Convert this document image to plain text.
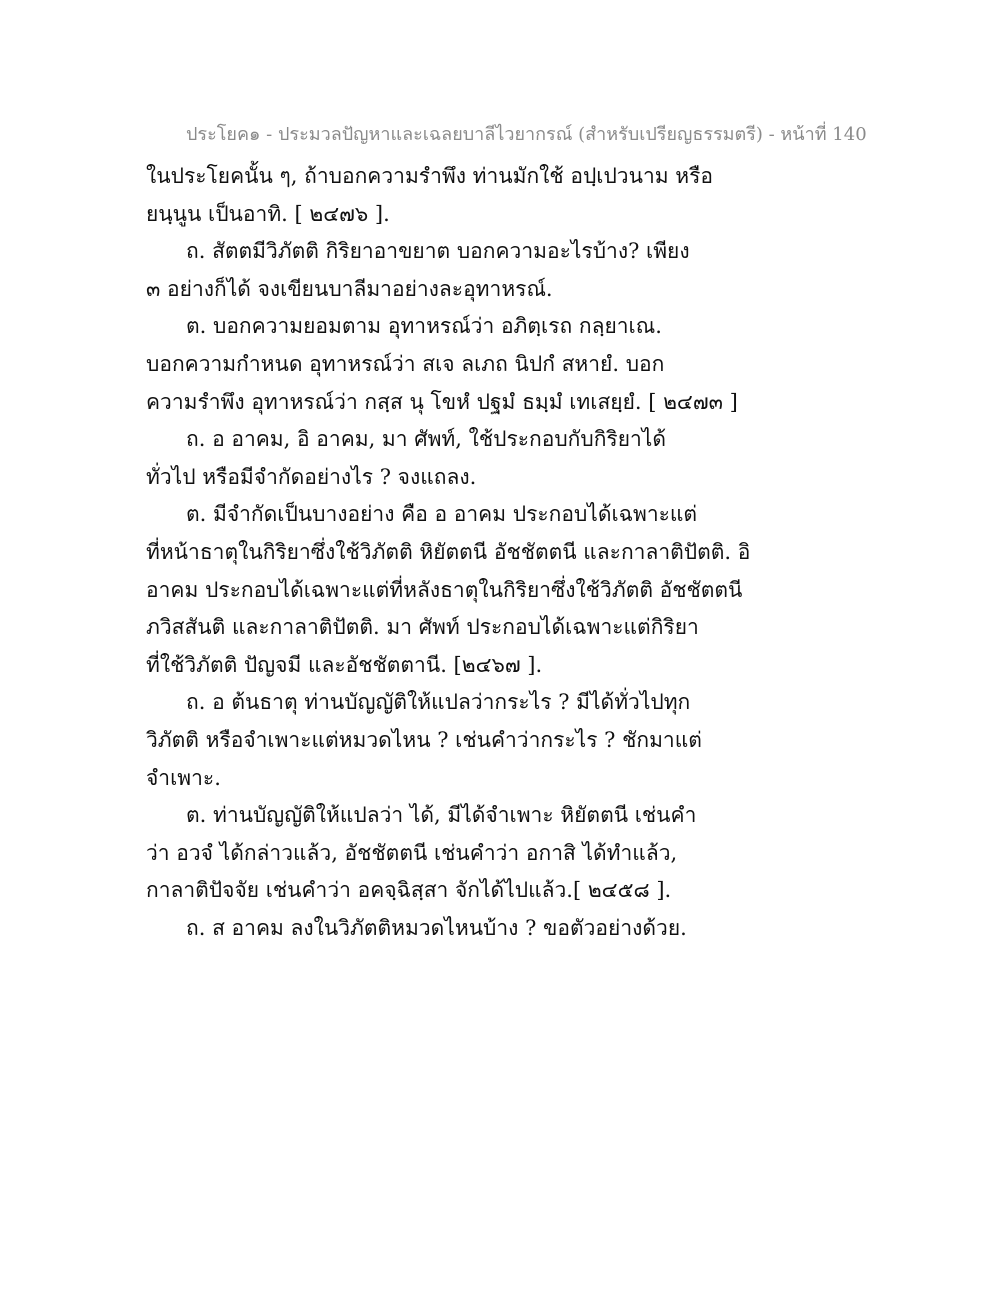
ประโยค๑ - ประมวลปัญหาและเฉลยบาลีไวยากรณ์ (สำหรับเปรียญธรรมตรี) - หน้าที่ 140
ในประโยคนั้น ๆ, ถ้าบอกความรำพึง ท่านมักใช้ อปฺเปวนาม หรือ
ยนฺนูน เป็นอาทิ. [ ๒๔๗๖ ].
ถ. สัตตมีวิภัตติ กิริยาอาขยาต บอกความอะไรบ้าง? เพียง
๓ อย่างก็ได้ จงเขียนบาลีมาอย่างละอุทาหรณ์.
ต. บอกความยอมตาม อุทาหรณ์ว่า อภิตฺเรถ กลฺยาเณ.
บอกความกำหนด อุทาหรณ์ว่า สเจ ลเภถ นิปกํ สหายํ. บอก
ความรำพึง อุทาหรณ์ว่า กสฺส นุ โขหํ ปฐมํ ธมฺมํ เทเสยฺยํ. [ ๒๔๗๓ ]
ถ. อ อาคม, อิ อาคม, มา ศัพท์, ใช้ประกอบกับกิริยาได้
ทั่วไป หรือมีจำกัดอย่างไร ? จงแถลง.
ต. มีจำกัดเป็นบางอย่าง คือ อ อาคม ประกอบได้เฉพาะแต่
ที่หน้าธาตุในกิริยาซึ่งใช้วิภัตติ หิยัตตนี อัชชัตตนี และกาลาติปัตติ. อิ
อาคม ประกอบได้เฉพาะแต่ที่หลังธาตุในกิริยาซึ่งใช้วิภัตติ อัชชัตตนี
ภวิสสันติ และกาลาติปัตติ. มา ศัพท์ ประกอบได้เฉพาะแต่กิริยา
ที่ใช้วิภัตติ ปัญจมี และอัชชัตตานี. [๒๔๖๗ ].
ถ. อ ต้นธาตุ ท่านบัญญัติให้แปลว่ากระไร ? มีได้ทั่วไปทุก
วิภัตติ หรือจำเพาะแต่หมวดไหน ? เช่นคำว่ากระไร ? ชักมาแต่
จำเพาะ.
ต. ท่านบัญญัติให้แปลว่า ได้, มีได้จำเพาะ หิยัตตนี เช่นคำ
ว่า อวจํ ได้กล่าวแล้ว, อัชชัตตนี เช่นคำว่า อกาสิ ได้ทำแล้ว,
กาลาติปัจจัย เช่นคำว่า อคจฺฉิสฺสา จักได้ไปแล้ว.[ ๒๔๕๘ ].
ถ. ส อาคม ลงในวิภัตติหมวดไหนบ้าง ? ขอตัวอย่างด้วย.
